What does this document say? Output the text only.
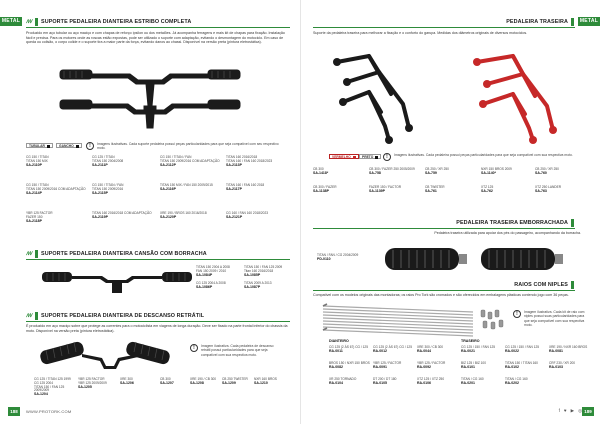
METAL	ꟿ SUPORTE PEDALEIRA DIANTEIRA ESTRIBO COMPLETA
Produzido em aço tubular ou aço maciço e com chapas de reforço ípsilon ou dos metalões. Já acompanha ferragens e mais kit de chapas para fixação. Instalação fácil e precisa. Para os motores onde as roscas estão expostas, pode ser utilizado o suporte com adaptação, evitando o desmontagem do motociclo. Em caso de queda ou colisão, o corpo colide e o suporte tira a maior parte da força, evitando danos ao chassi. Disponível na versão preta (pintura eletrostática).
TUBULAR	GANCHO	!	Imagens ilustrativas. Cada suporte pedaleira possui peças particularidades para que seja compatível com seu respectivo moto.
CG 150 / TITAN
TITAN 150 MIX
SA-2110P
CG 125 / TITAN
TITAN 150 2004/2008
SA-2111P
CG 150 / TITAN / FAN
TITAN 150 2009/2016 COM ADAPTAÇÃO
SA-2112P
TITAN 160 2016/2018
TITAN 160 / FAN 160 2018/2023
SA-2113P
CG 150 / TITAN
TITAN 150 2009/2016 COM ADAPTAÇÃO
SA-2114P
CG 150 / TITAN / FAN
TITAN 150 2009/2016
SA-2115P
TITAN 150 MIX / FAN 150 2009/2015
SA-2116P
TITAN 160 / FAN 160 2018
SA-2117P
YBR 125 FACTOR
FAZER 150
SA-2118P
TITAN 160 2016/2018 COM ADAPTAÇÃO
SA-2119P
XRE 190 / BROS 160 2016/2018
SA-2120P
CG 160 / FAN 160 2018/2023
SA-2121P
ꟿ SUPORTE PEDALEIRA DIANTEIRA CANSÃO COM BORRACHA
TITAN 150 2004 A 2008
FAN 150 2009 / 2010
SA-1084P
TITAN 150 / FAN 125 2009
Titan 160 2016/2018
SA-1085P
CG 125 2004 A 2008
SA-1086P
TITAN 2009 A 2013
SA-1087P
ꟿ SUPORTE PEDALEIRA DIANTEIRA DE DESCANSO RETRÁTIL
É produzido em aço maciço sobre que protege as correntes para o motociclista em viagens de longa duração. Deve ser fixado na parte frontal inferior do chassis da moto. Disponível na versão preta (pintura eletrostática).
!	Imagem ilustrativa. Cada pedaleira de descanso retrátil possui particularidades para que seja compatível com sua respectiva moto.
CG 125 / TITAN 125 1999
CG 125 2004
TITAN 150 / FAN 125 2009/2009
SA-1204
YBR 125 FACTOR
YBR 125 2009/2009
SA-1205
XRE 300
SA-1206
CB 300
SA-1207
XRE 190 / CB 300
SA-1208
CB 250 TWISTER
SA-1209
NXR 160 BROS
SA-1210
188	WWW.PROTORK.COM
METAL
PEDALEIRA TRASEIRA
Suporte da pedaleira traseira para melhorar a fixação e o conforto do garupa. Medidas dos diâmetros originais de diversos motociclos.
VERMELHO	PRETO	!	Imagens ilustrativas. Cada pedaleira possui peças particularidades para que seja compatível com sua respectiva moto.
CB 300
SA-1418*
CB 300 / FAZER 250 2005/2009
SA-758
CB 250 / XR 250
SA-759
NXR 150 BROS 2009
SA-1140*
CB 250 / XR 250
SA-760
CB 300 / FAZER
SA-1138P
FAZER 150 / FACTOR
SA-1139P
CB TWISTER
SA-761
XTZ 125
SA-762
XTZ 250 LANDER
SA-763
PEDALEIRA TRASEIRA EMBORRACHADA
Pedaleira traseira utilizada para apoiar dos pés do passageiro, acompanhando da borracha.
TITAN / FAN / CG 2004/2009
PD-0110
RAIOS COM NIPLES
Compatível com os modelos originais das montadoras; os raios Pro Tork são cromados e são oferecidos em embalagens plásticas contendo jogo com 36 peças.
!	Imagem ilustrativa. Cada kit de raio com niples possui suas particularidades para que seja compatível com sua respectiva moto.
DIANTEIRO	TRASEIRO
CG 125 (2 ÁS 67) CG / 125
RA-0011
CG 125 (2 ÁS 67) CG / 125
RA-0012
XRE 300 / CB 300
RA-0044
CG 125 / 150 / FAN 125
RA-0021
CG 125 / 150 / FAN 125
RA-0022
XRE 190 / NXR 160 BROS
RA-0081
BROS 150 / NXR 150 BROS
RA-0082
YBR 125 / FACTOR
RA-0091
YBR 125 / FACTOR
RA-0092
BIZ 125 / BIZ 100
RA-0101
TITAN 150 / TITAN 160
RA-0102
CRF 230 / XR 200
RA-0103
XR 250 TORNADO
RA-0104
DT 200 / DT 180
RA-0105
XTZ 125 / XTZ 250
RA-0106
TITAN / CG 160
RA-0201
TITAN / CG 160
RA-0202
f ♥ ▶ ◎ 189
